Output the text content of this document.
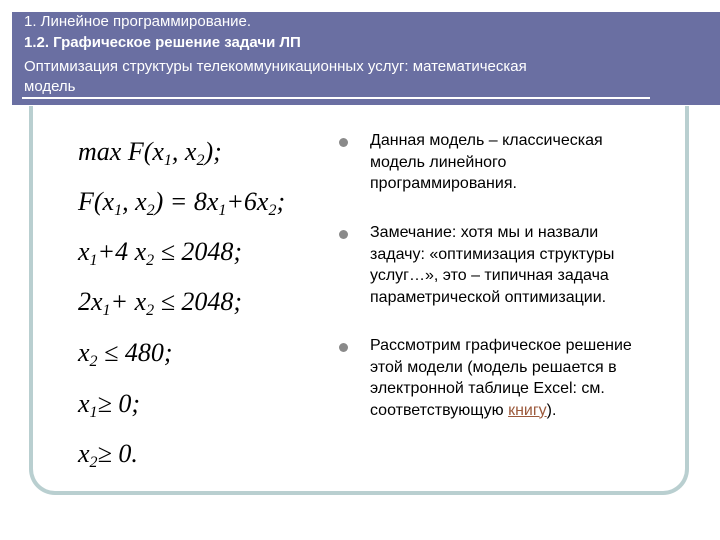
1. Линейное программирование.
1.2. Графическое решение задачи ЛП
Оптимизация структуры телекоммуникационных услуг: математическая
модель
$\max F(x_1$, $x_2$);
$F(x_1$, $x_2) = 8x_1+6x_2$;
$x_1+4$ $x_2 \le 2048$;
$2x_1+ x_2 \le 2048$;
$x_2 \le 480$;
$x_1\ge 0$;
$x_2\ge 0$.
Данная модель – классическая модель линейного программирования.
Замечание: хотя мы и назвали задачу: «оптимизация структуры услуг…», это – типичная задача параметрической оптимизации.
Рассмотрим графическое решение этой модели (модель решается в электронной таблице Excel: см. соответствующую книгу).
